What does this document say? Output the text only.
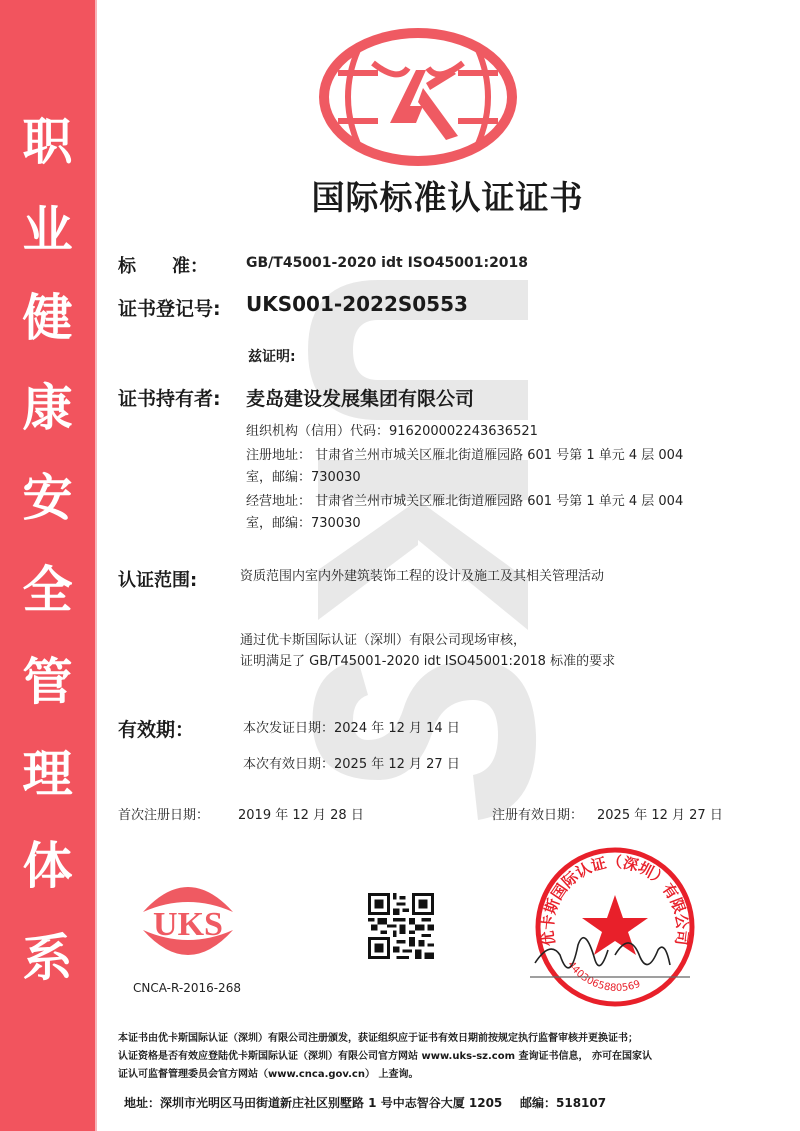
职
业
健
康
安
全
管
理
体
系
国际标准认证证书
标　　准：	GB/T45001-2020 idt ISO45001:2018
证书登记号: UKS001-2022S0553
兹证明:
证书持有者: 麦岛建设发展集团有限公司
组织机构（信用）代码：916200002243636521
注册地址： 甘肃省兰州市城关区雁北街道雁园路 601 号第 1 单元 4 层 004
室，邮编：730030
经营地址： 甘肃省兰州市城关区雁北街道雁园路 601 号第 1 单元 4 层 004
室，邮编：730030
认证范围:	资质范围内室内外建筑装饰工程的设计及施工及其相关管理活动
通过优卡斯国际认证（深圳）有限公司现场审核，
证明满足了 GB/T45001-2020 idt ISO45001:2018 标准的要求
有效期：	本次发证日期：2024 年 12 月 14 日
本次有效日期：2025 年 12 月 27 日
首次注册日期： 2019 年 12 月 28 日	注册有效日期： 2025 年 12 月 27 日
UKS
CNCA-R-2016-268
优卡斯国际认证（深圳）有限公司
4403065880569
本证书由优卡斯国际认证（深圳）有限公司注册颁发，获证组织应于证书有效日期前按规定执行监督审核并更换证书；
认证资格是否有效应登陆优卡斯国际认证（深圳）有限公司官方网站 www.uks-sz.com 查询证书信息， 亦可在国家认
证认可监督管理委员会官方网站（www.cnca.gov.cn） 上查询。
地址：深圳市光明区马田街道新庄社区别墅路 1 号中志智谷大厦 1205 邮编：518107
